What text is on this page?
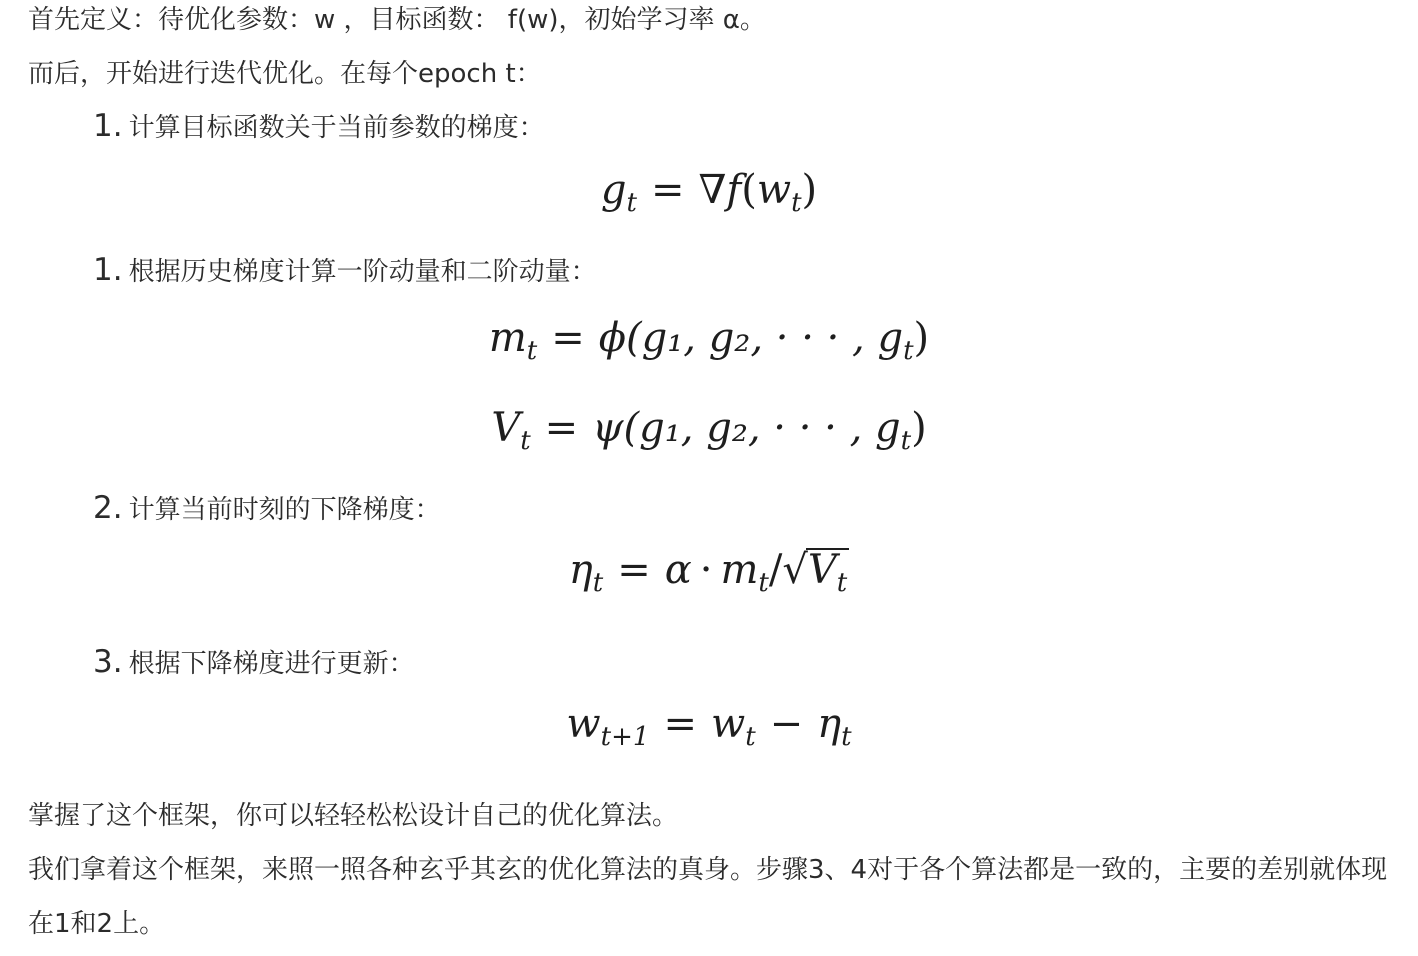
首先定义：待优化参数：w ，目标函数： f(w)，初始学习率 α。
而后，开始进行迭代优化。在每个epoch t：
1. 计算目标函数关于当前参数的梯度：
$g_t = \nabla f(w_t)$
1. 根据历史梯度计算一阶动量和二阶动量：
$m_t = \phi(g_1$, g₂, · · · , $g_t$)
$V_t = \psi(g_1$, g₂, · · · , $g_t$)
2. 计算当前时刻的下降梯度：
$\eta_t = \alpha \cdot m_t/√V_t$
3. 根据下降梯度进行更新：
$w_{t+1} = w_t - \eta_t$
掌握了这个框架，你可以轻轻松松设计自己的优化算法。
我们拿着这个框架，来照一照各种玄乎其玄的优化算法的真身。步骤3、4对于各个算法都是一致的，主要的差别就体现在1和2上。
